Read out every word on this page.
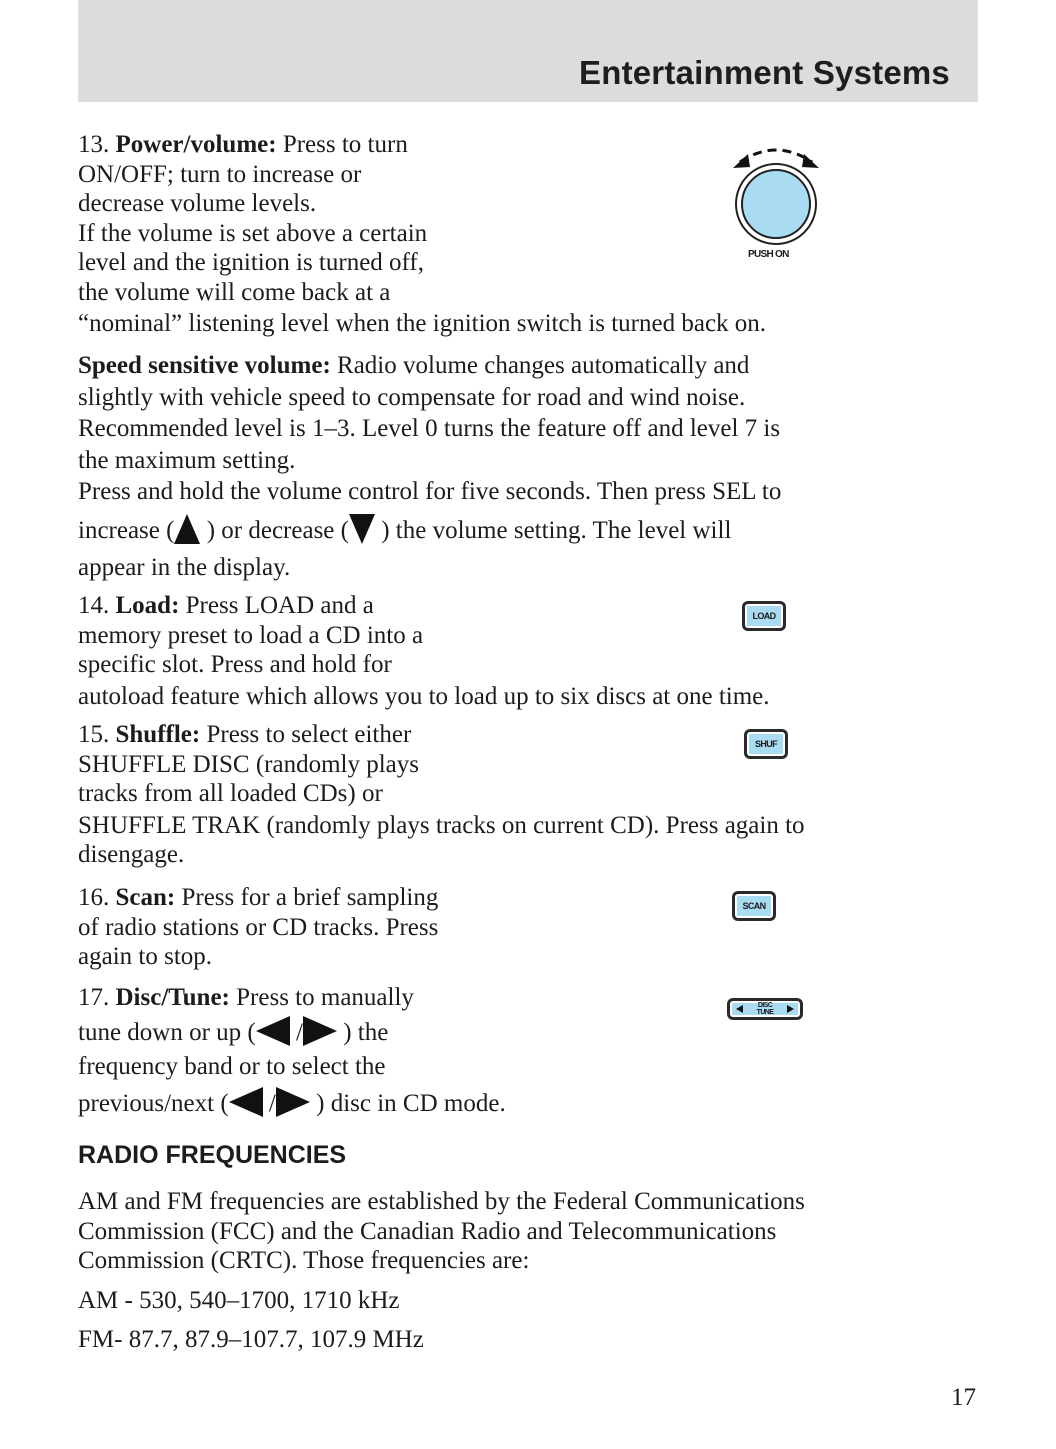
Entertainment Systems
13. Power/volume: Press to turn
ON/OFF; turn to increase or
decrease volume levels.
If the volume is set above a certain
level and the ignition is turned off,
the volume will come back at a
“nominal” listening level when the ignition switch is turned back on.
PUSH ON
Speed sensitive volume: Radio volume changes automatically and
slightly with vehicle speed to compensate for road and wind noise.
Recommended level is 1–3. Level 0 turns the feature off and level 7 is
the maximum setting.
Press and hold the volume control for five seconds. Then press SEL to
increase ( ) or decrease ( ) the volume setting. The level will
appear in the display.
14. Load: Press LOAD and a
memory preset to load a CD into a
specific slot. Press and hold for
autoload feature which allows you to load up to six discs at one time.
LOAD
15. Shuffle: Press to select either
SHUFFLE DISC (randomly plays
tracks from all loaded CDs) or
SHUFFLE TRAK (randomly plays tracks on current CD). Press again to
disengage.
SHUF
16. Scan: Press for a brief sampling
of radio stations or CD tracks. Press
again to stop.
SCAN
17. Disc/Tune: Press to manually
tune down or up ( / ) the
frequency band or to select the
previous/next ( / ) disc in CD mode.
DISC
TUNE
RADIO FREQUENCIES
AM and FM frequencies are established by the Federal Communications
Commission (FCC) and the Canadian Radio and Telecommunications
Commission (CRTC). Those frequencies are:
AM - 530, 540–1700, 1710 kHz
FM- 87.7, 87.9–107.7, 107.9 MHz
17
